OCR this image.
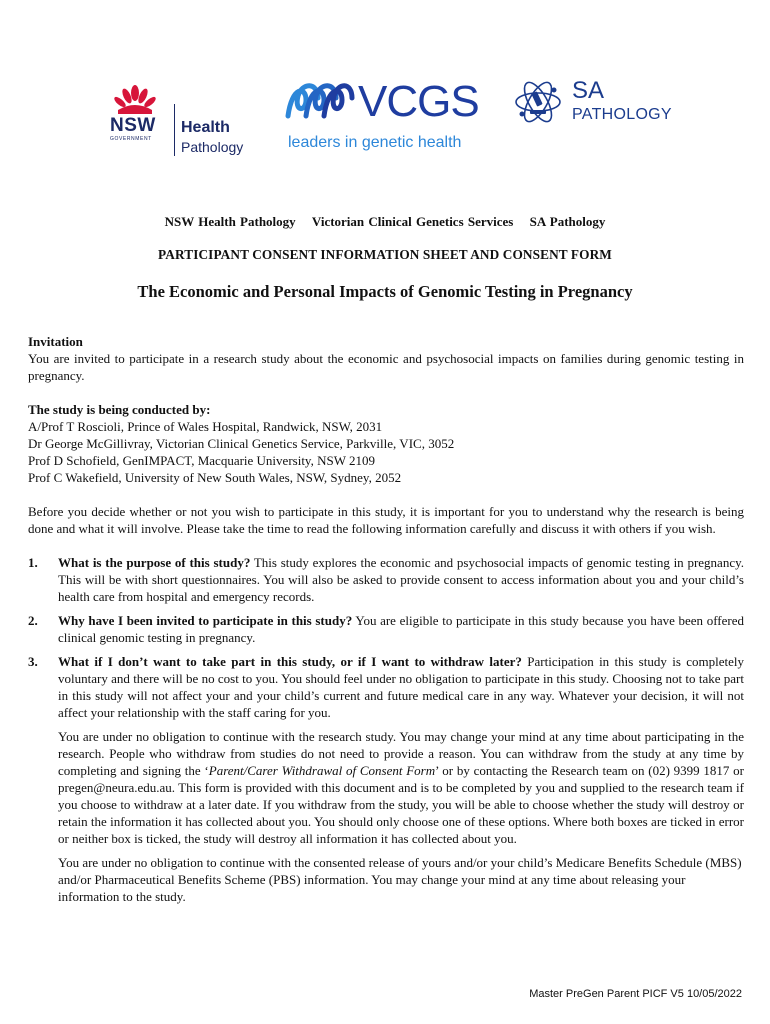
NSW
GOVERNMENT
Health
Pathology
VCGS
leaders in genetic health
SA
PATHOLOGY
NSW Health Pathology Victorian Clinical Genetics Services SA Pathology
PARTICIPANT CONSENT INFORMATION SHEET AND CONSENT FORM
The Economic and Personal Impacts of Genomic Testing in Pregnancy

Invitation

You are invited to participate in a research study about the economic and psychosocial impacts on families during genomic testing in pregnancy.

The study is being conducted by:

A/Prof T Roscioli, Prince of Wales Hospital, Randwick, NSW, 2031

Dr George McGillivray, Victorian Clinical Genetics Service, Parkville, VIC, 3052

Prof D Schofield, GenIMPACT, Macquarie University, NSW 2109

Prof C Wakefield, University of New South Wales, NSW, Sydney, 2052

Before you decide whether or not you wish to participate in this study, it is important for you to understand why the research is being done and what it will involve. Please take the time to read the following information carefully and discuss it with others if you wish.

1. What is the purpose of this study? This study explores the economic and psychosocial impacts of genomic testing in pregnancy. This will be with short questionnaires. You will also be asked to provide consent to access information about you and your child’s health care from hospital and emergency records.
2. Why have I been invited to participate in this study? You are eligible to participate in this study because you have been offered clinical genomic testing in pregnancy.
3. What if I don’t want to take part in this study, or if I want to withdraw later? Participation in this study is completely voluntary and there will be no cost to you. You should feel under no obligation to participate in this study. Choosing not to take part in this study will not affect your and your child’s current and future medical care in any way. Whatever your decision, it will not affect your relationship with the staff caring for you.
You are under no obligation to continue with the research study. You may change your mind at any time about participating in the research. People who withdraw from studies do not need to provide a reason. You can withdraw from the study at any time by completing and signing the ‘Parent/Carer Withdrawal of Consent Form’ or by contacting the Research team on (02) 9399 1817 or pregen@neura.edu.au. This form is provided with this document and is to be completed by you and supplied to the research team if you choose to withdraw at a later date. If you withdraw from the study, you will be able to choose whether the study will destroy or retain the information it has collected about you. You should only choose one of these options. Where both boxes are ticked in error or neither box is ticked, the study will destroy all information it has collected about you.
You are under no obligation to continue with the consented release of yours and/or your child’s Medicare Benefits Schedule (MBS) and/or Pharmaceutical Benefits Scheme (PBS) information. You may change your mind at any time about releasing your information to the study.
Master PreGen Parent PICF V5 10/05/2022
